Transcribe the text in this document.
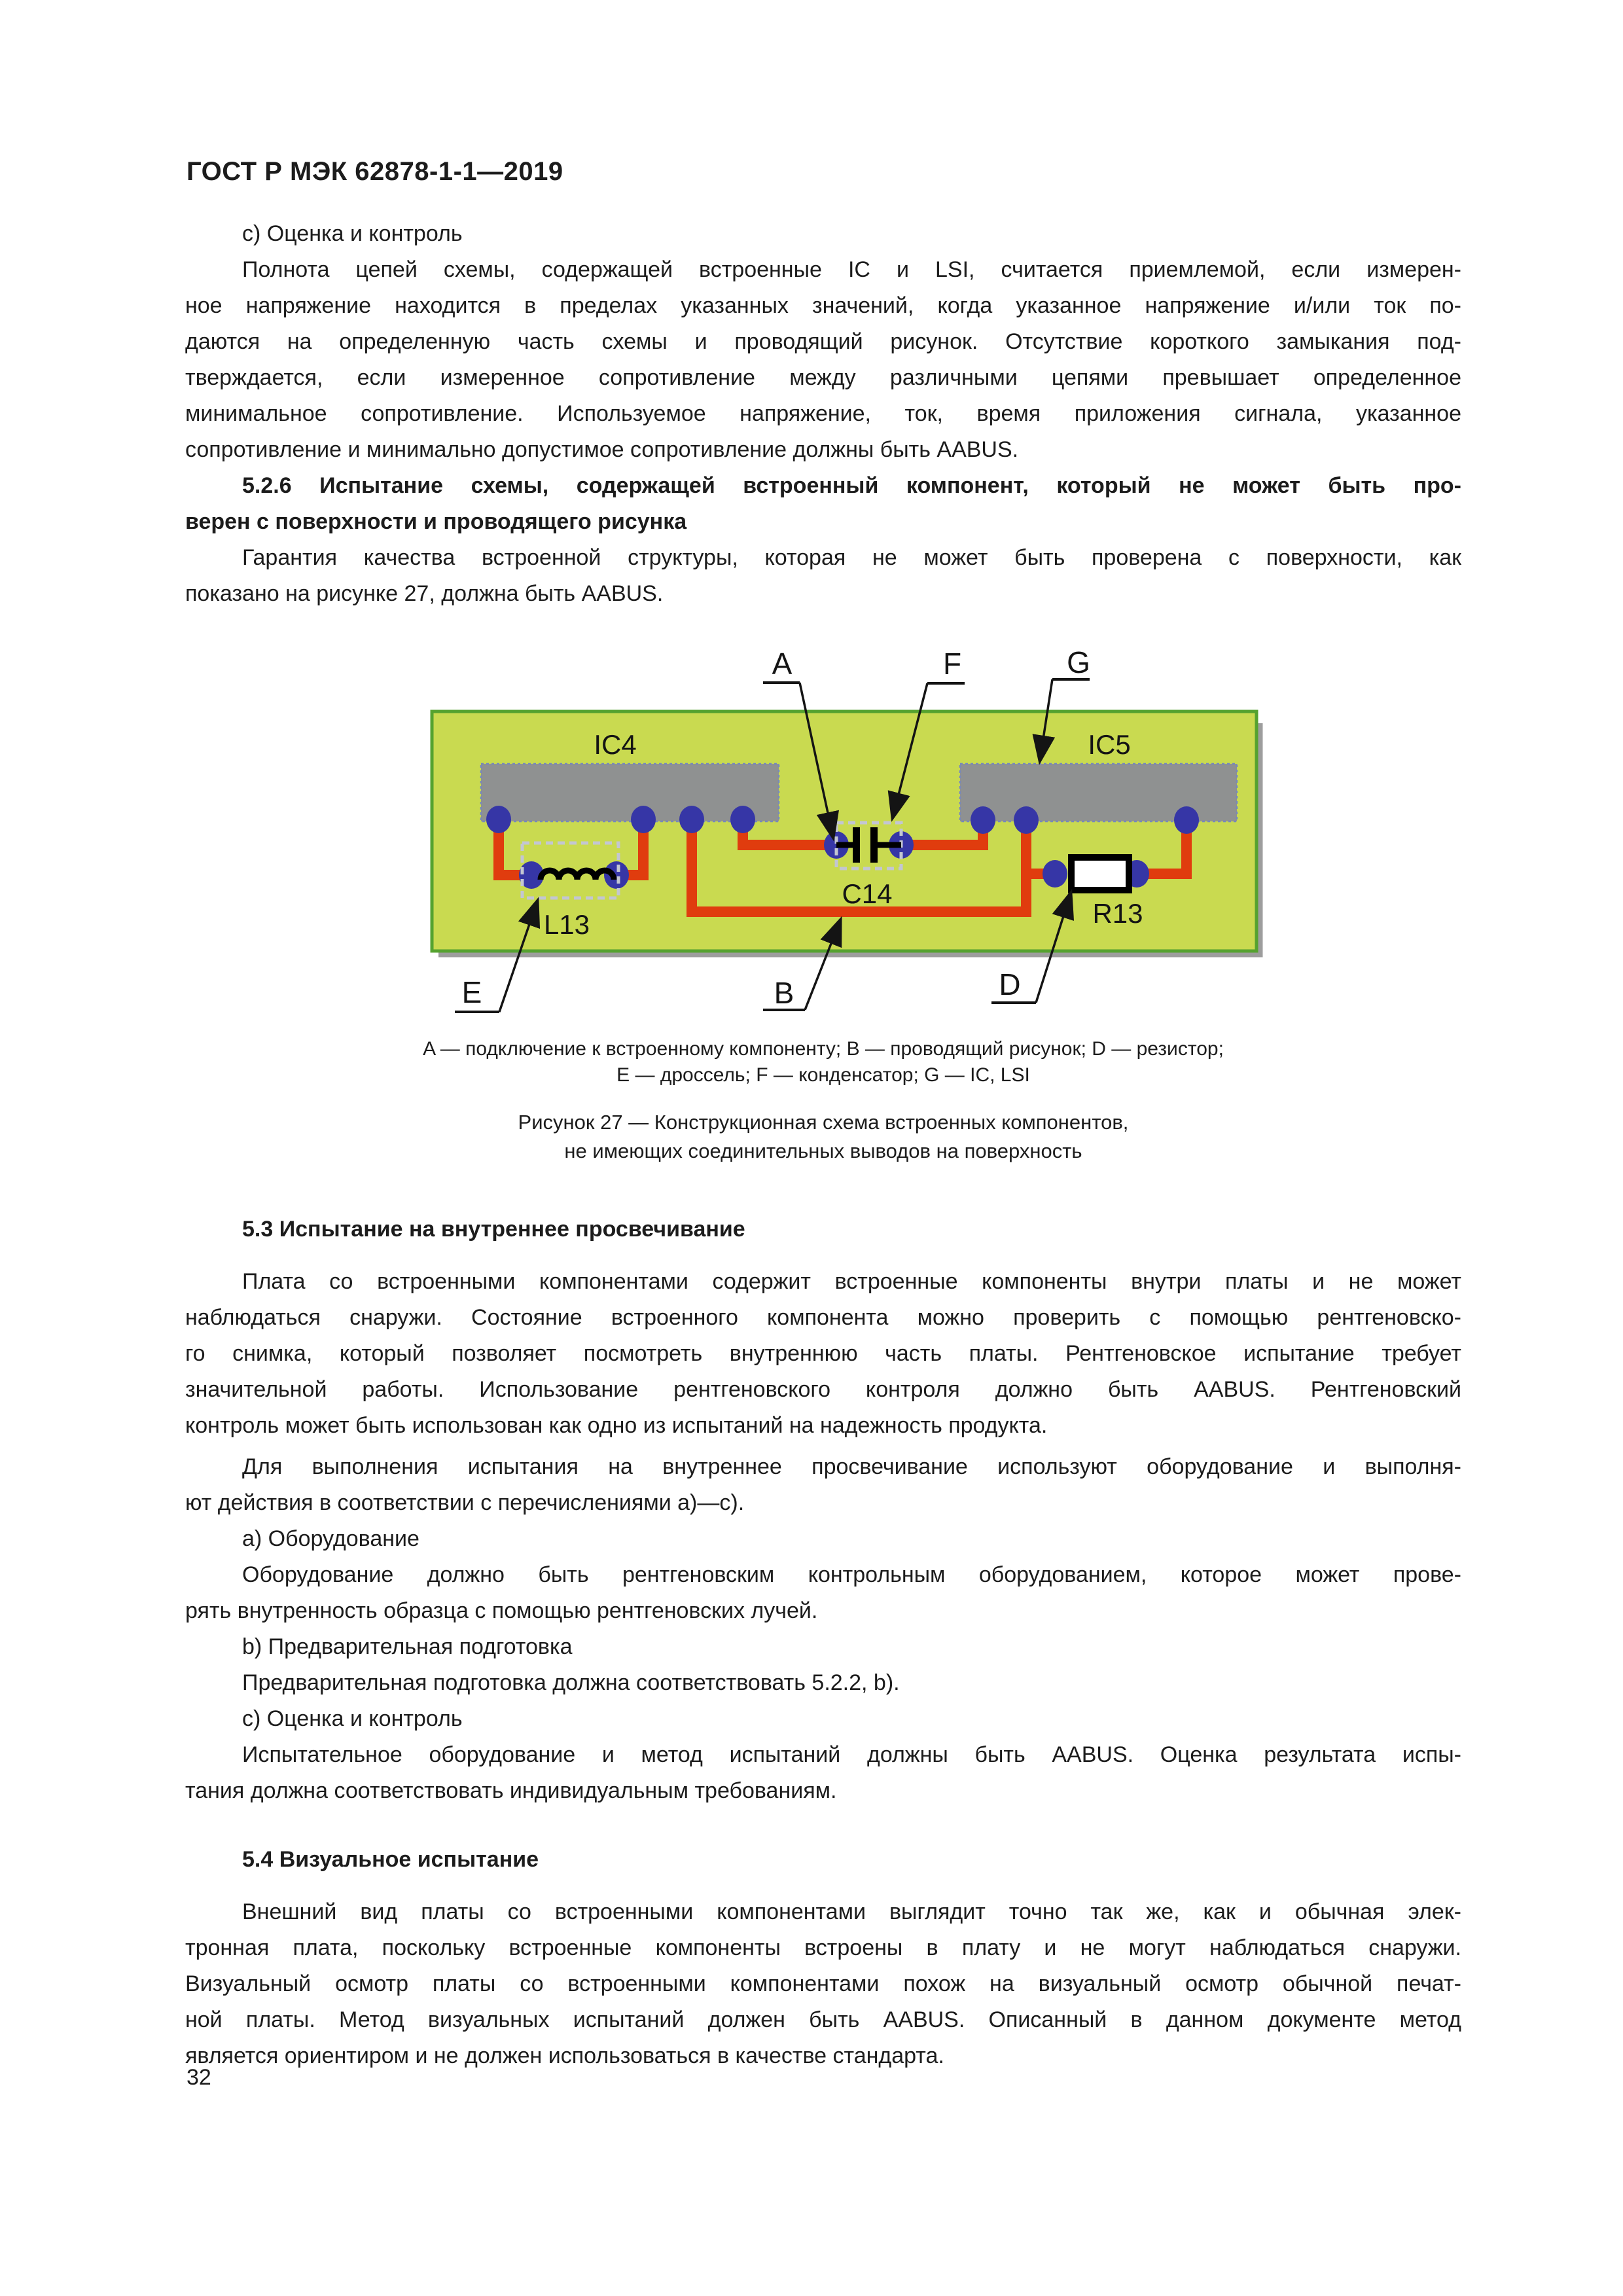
ГОСТ Р МЭК 62878-1-1—2019
с) Оценка и контроль
Полнота цепей схемы, содержащей встроенные IC и LSI, считается приемлемой, если измерен-
ное напряжение находится в пределах указанных значений, когда указанное напряжение и/или ток по-
даются на определенную часть схемы и проводящий рисунок. Отсутствие короткого замыкания под-
тверждается, если измеренное сопротивление между различными цепями превышает определенное
минимальное сопротивление. Используемое напряжение, ток, время приложения сигнала, указанное
сопротивление и минимально допустимое сопротивление должны быть AABUS.
5.2.6 Испытание схемы, содержащей встроенный компонент, который не может быть про-
верен с поверхности и проводящего рисунка
Гарантия качества встроенной структуры, которая не может быть проверена с поверхности, как
показано на рисунке 27, должна быть AABUS.
IC4	IC5
L13
C14
R13
A	F	G
E	B	D
A — подключение к встроенному компоненту; B — проводящий рисунок; D — резистор;
E — дроссель; F — конденсатор; G — IC, LSI
Рисунок 27 — Конструкционная схема встроенных компонентов,
не имеющих соединительных выводов на поверхность
5.3 Испытание на внутреннее просвечивание
Плата со встроенными компонентами содержит встроенные компоненты внутри платы и не может
наблюдаться снаружи. Состояние встроенного компонента можно проверить с помощью рентгеновско-
го снимка, который позволяет посмотреть внутреннюю часть платы. Рентгеновское испытание требует
значительной работы. Использование рентгеновского контроля должно быть AABUS. Рентгеновский
контроль может быть использован как одно из испытаний на надежность продукта.
Для выполнения испытания на внутреннее просвечивание используют оборудование и выполня-
ют действия в соответствии с перечислениями a)—c).
a) Оборудование
Оборудование должно быть рентгеновским контрольным оборудованием, которое может прове-
рять внутренность образца с помощью рентгеновских лучей.
b) Предварительная подготовка
Предварительная подготовка должна соответствовать 5.2.2, b).
c) Оценка и контроль
Испытательное оборудование и метод испытаний должны быть AABUS. Оценка результата испы-
тания должна соответствовать индивидуальным требованиям.
5.4 Визуальное испытание
Внешний вид платы со встроенными компонентами выглядит точно так же, как и обычная элек-
тронная плата, поскольку встроенные компоненты встроены в плату и не могут наблюдаться снаружи.
Визуальный осмотр платы со встроенными компонентами похож на визуальный осмотр обычной печат-
ной платы. Метод визуальных испытаний должен быть AABUS. Описанный в данном документе метод
является ориентиром и не должен использоваться в качестве стандарта.
32
